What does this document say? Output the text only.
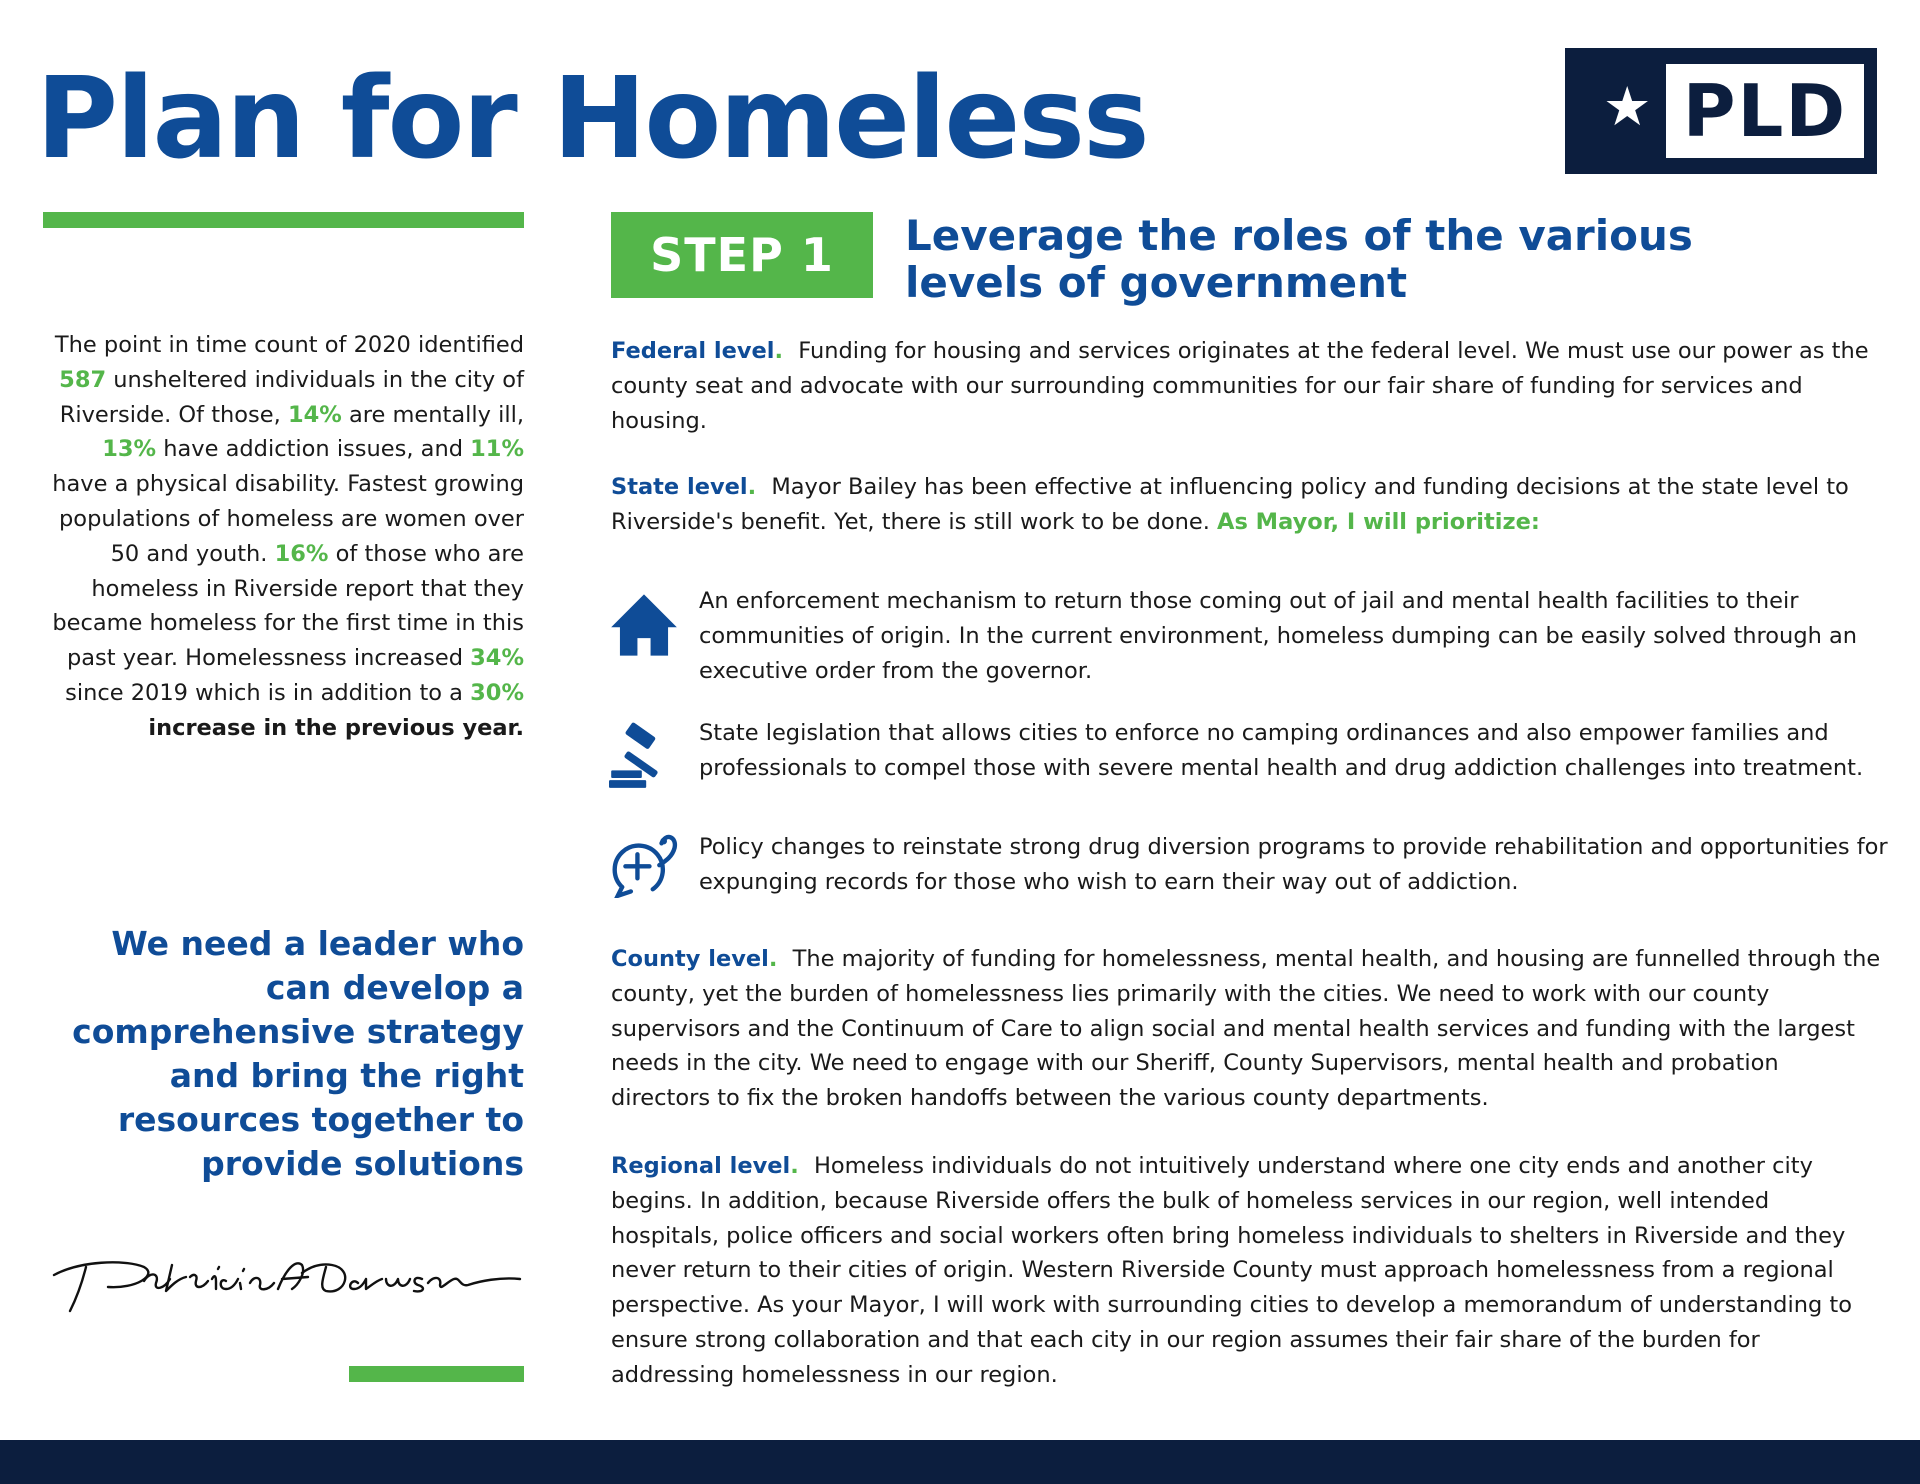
Plan for Homeless	★ PLD

The point in time count of 2020 identified 587 unsheltered individuals in the city of Riverside. Of those, 14% are mentally ill, 13% have addiction issues, and 11% have a physical disability. Fastest growing populations of homeless are women over 50 and youth. 16% of those who are homeless in Riverside report that they became homeless for the first time in this past year. Homelessness increased 34% since 2019 which is in addition to a 30%
increase in the previous year.

We need a leader who can develop a comprehensive strategy and bring the right resources together to provide solutions

STEP 1	Leverage the roles of the various
levels of government

Federal level. Funding for housing and services originates at the federal level. We must use our power as the county seat and advocate with our surrounding communities for our fair share of funding for services and housing.

State level. Mayor Bailey has been effective at influencing policy and funding decisions at the state level to Riverside's benefit. Yet, there is still work to be done. As Mayor, I will prioritize:

An enforcement mechanism to return those coming out of jail and mental health facilities to their communities of origin. In the current environment, homeless dumping can be easily solved through an executive order from the governor.

State legislation that allows cities to enforce no camping ordinances and also empower families and professionals to compel those with severe mental health and drug addiction challenges into treatment.

Policy changes to reinstate strong drug diversion programs to provide rehabilitation and opportunities for expunging records for those who wish to earn their way out of addiction.

County level. The majority of funding for homelessness, mental health, and housing are funnelled through the county, yet the burden of homelessness lies primarily with the cities. We need to work with our county supervisors and the Continuum of Care to align social and mental health services and funding with the largest needs in the city. We need to engage with our Sheriff, County Supervisors, mental health and probation directors to fix the broken handoffs between the various county departments.

Regional level. Homeless individuals do not intuitively understand where one city ends and another city begins. In addition, because Riverside offers the bulk of homeless services in our region, well intended hospitals, police officers and social workers often bring homeless individuals to shelters in Riverside and they never return to their cities of origin. Western Riverside County must approach homelessness from a regional perspective. As your Mayor, I will work with surrounding cities to develop a memorandum of understanding to ensure strong collaboration and that each city in our region assumes their fair share of the burden for addressing homelessness in our region.
